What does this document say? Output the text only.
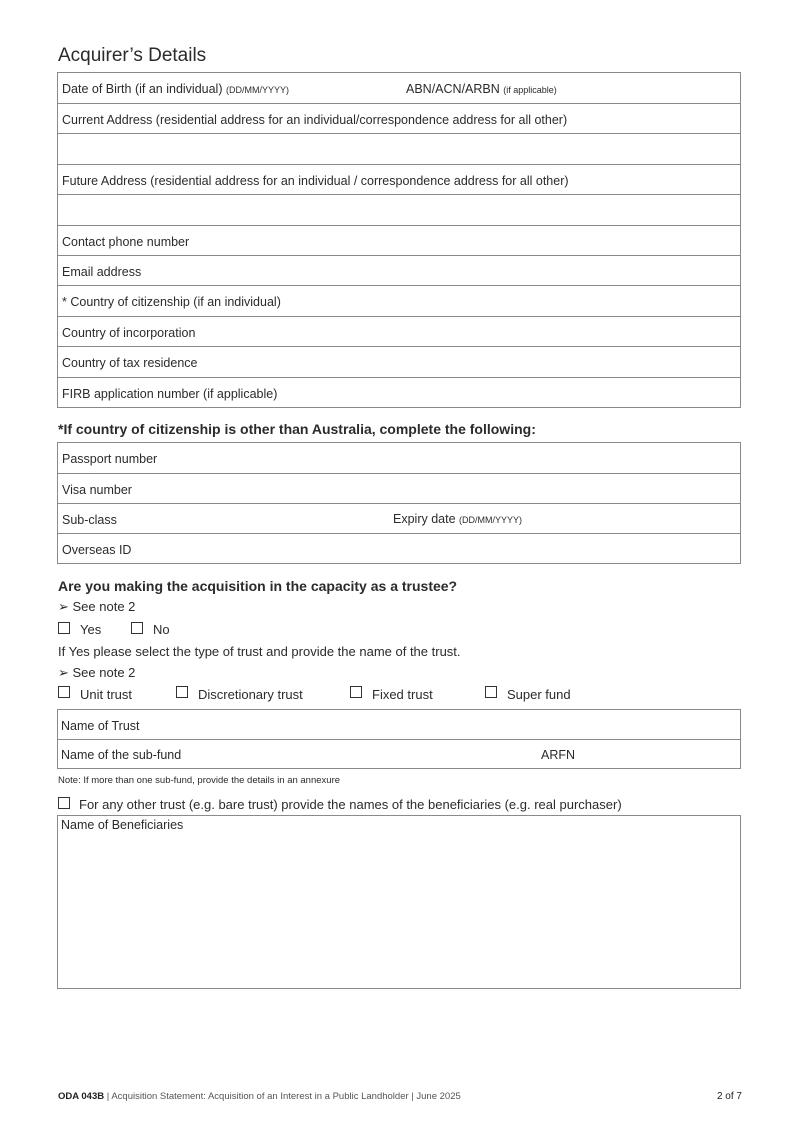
Acquirer’s Details
Date of Birth (if an individual) (DD/MM/YYYY)	ABN/ACN/ARBN (if applicable)
Current Address (residential address for an individual/correspondence address for all other)
Future Address (residential address for an individual / correspondence address for all other)
Contact phone number
Email address
* Country of citizenship (if an individual)
Country of incorporation
Country of tax residence
FIRB application number (if applicable)
*If country of citizenship is other than Australia, complete the following:
Passport number
Visa number
Sub-class	Expiry date (DD/MM/YYYY)
Overseas ID
Are you making the acquisition in the capacity as a trustee?
➢ See note 2
Yes	No
If Yes please select the type of trust and provide the name of the trust.
➢ See note 2
Unit trust	Discretionary trust	Fixed trust	Super fund
Name of Trust
Name of the sub-fund	ARFN
Note: If more than one sub-fund, provide the details in an annexure
For any other trust (e.g. bare trust) provide the names of the beneficiaries (e.g. real purchaser)
Name of Beneficiaries
ODA 043B | Acquisition Statement: Acquisition of an Interest in a Public Landholder | June 2025	2 of 7
